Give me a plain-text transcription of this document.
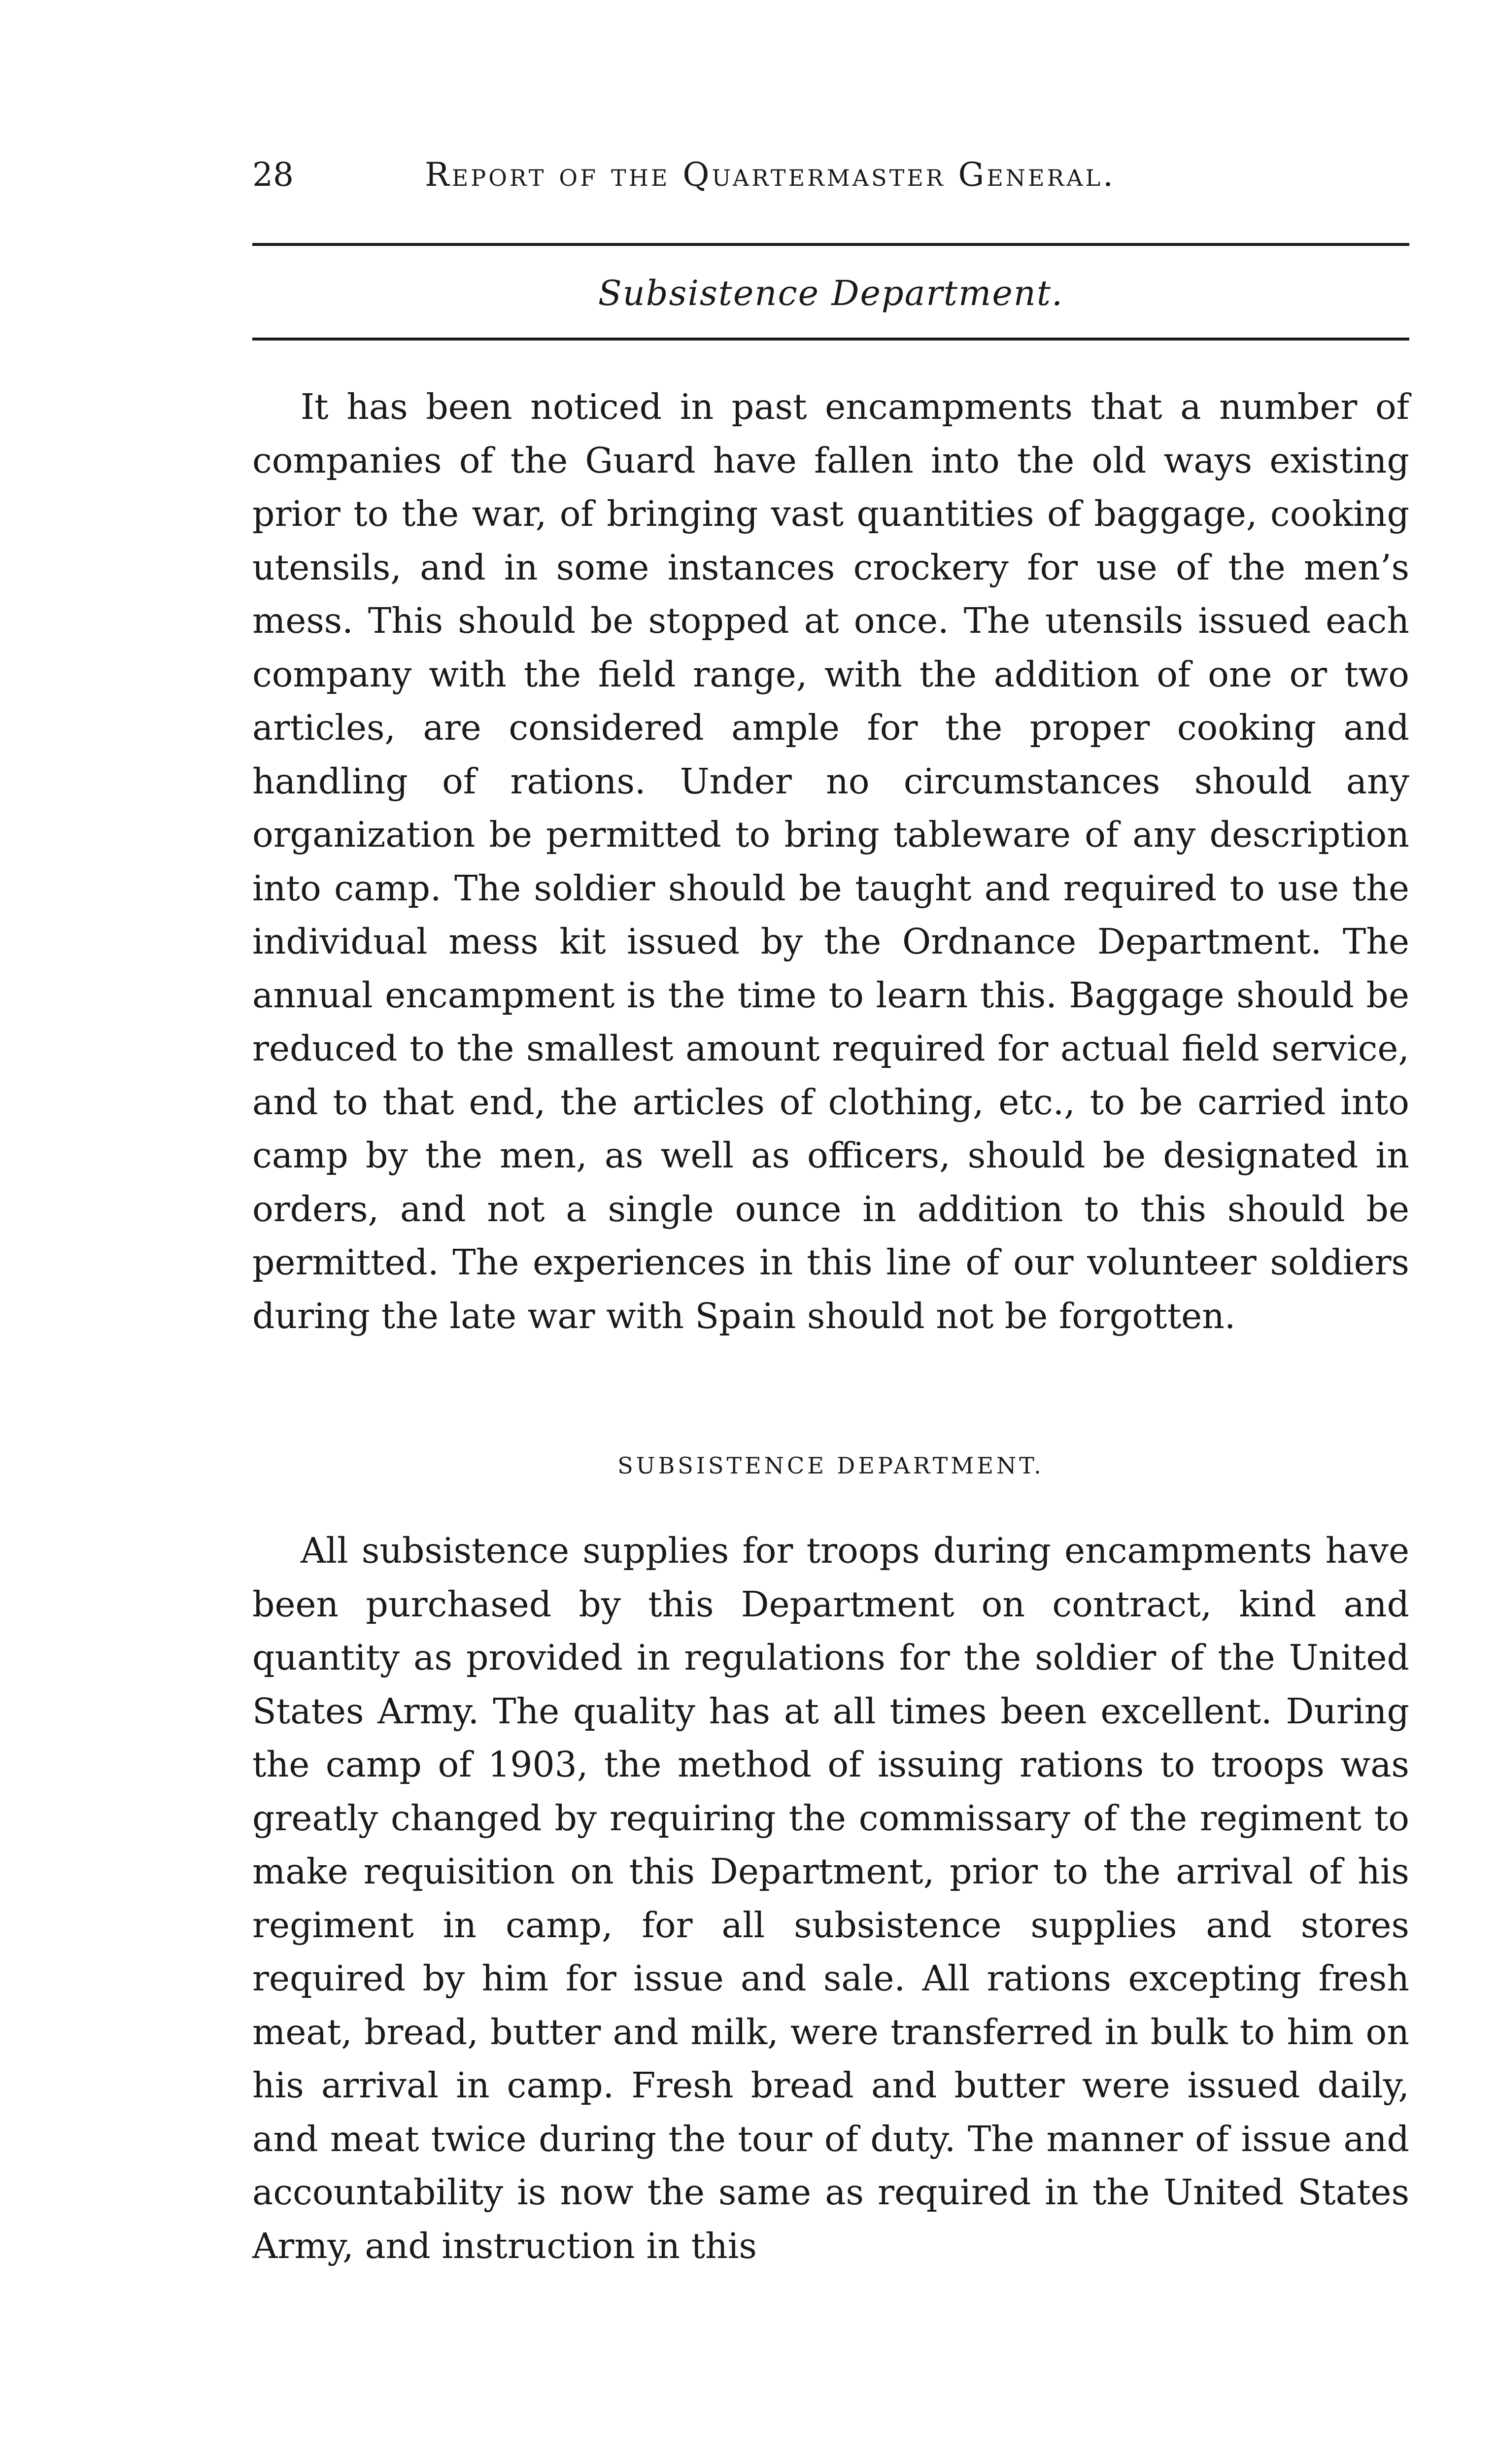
28	Report of the Quartermaster General.
Subsistence Department.

It has been noticed in past encampments that a number of companies of the Guard have fallen into the old ways existing prior to the war, of bringing vast quantities of baggage, cooking utensils, and in some instances crockery for use of the men’s mess. This should be stopped at once. The utensils issued each company with the field range, with the addition of one or two articles, are considered ample for the proper cooking and handling of rations. Under no circumstances should any organization be permitted to bring tableware of any description into camp. The soldier should be taught and required to use the individual mess kit issued by the Ordnance Department. The annual encampment is the time to learn this. Baggage should be reduced to the smallest amount required for actual field service, and to that end, the articles of clothing, etc., to be carried into camp by the men, as well as officers, should be designated in orders, and not a single ounce in addition to this should be permitted. The experiences in this line of our volunteer soldiers during the late war with Spain should not be forgotten.

SUBSISTENCE DEPARTMENT.

All subsistence supplies for troops during encampments have been purchased by this Department on contract, kind and quantity as provided in regulations for the soldier of the United States Army. The quality has at all times been excellent. During the camp of 1903, the method of issuing rations to troops was greatly changed by requiring the commissary of the regiment to make requisition on this Department, prior to the arrival of his regiment in camp, for all subsistence supplies and stores required by him for issue and sale. All rations excepting fresh meat, bread, butter and milk, were transferred in bulk to him on his arrival in camp. Fresh bread and butter were issued daily, and meat twice during the tour of duty. The manner of issue and accountability is now the same as required in the United States Army, and instruction in this
